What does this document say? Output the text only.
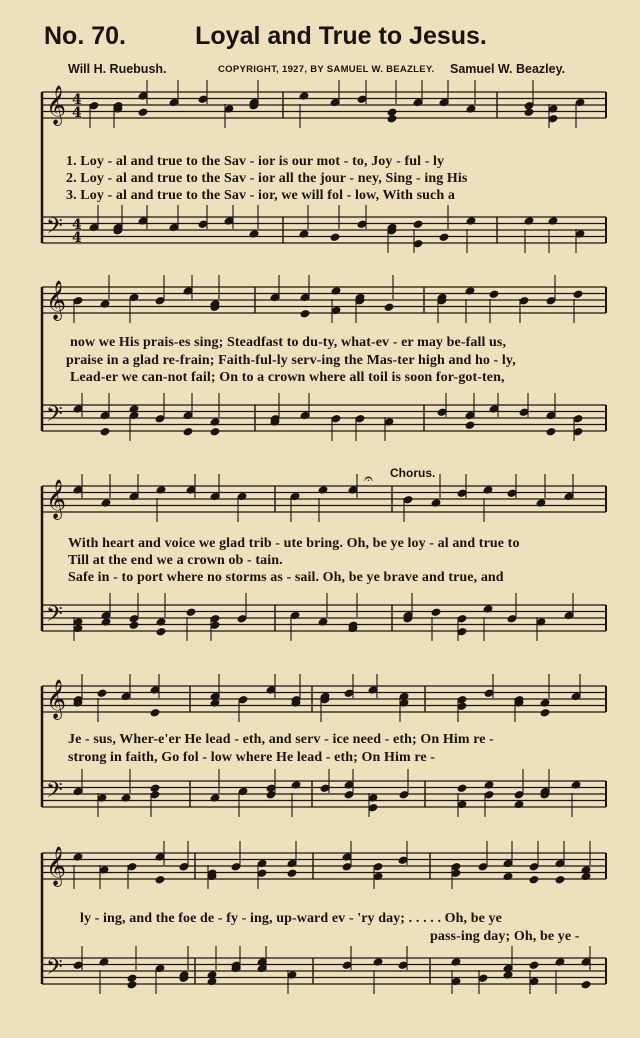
No. 70.	Loyal and True to Jesus.
Will H. Ruebush.	COPYRIGHT, 1927, BY SAMUEL W. BEAZLEY. Samuel W. Beazley.
𝄞
𝄢
4
4
4
4
𝄞
𝄢
𝄞
𝄢
𝄞
𝄢
𝄞
𝄢
𝄐
1. Loy - al and true to the Sav - ior is our mot - to, Joy - ful - ly
2. Loy - al and true to the Sav - ior all the jour - ney, Sing - ing His
3. Loy - al and true to the Sav - ior, we will fol - low, With such a
now we His prais-es sing; Steadfast to du-ty, what-ev - er may be-fall us,
praise in a glad re-frain; Faith-ful-ly serv-ing the Mas-ter high and ho - ly,
Lead-er we can-not fail; On to a crown where all toil is soon for-got-ten,
Chorus.
With heart and voice we glad trib - ute bring. Oh, be ye loy - al and true to
Till at the end we a crown ob - tain.
Safe in - to port where no storms as - sail. Oh, be ye brave and true, and
Je - sus, Wher-e'er He lead - eth, and serv - ice need - eth; On Him re -
strong in faith, Go fol - low where He lead - eth; On Him re -
ly - ing, and the foe de - fy - ing, up-ward ev - 'ry day; . . . . . Oh, be ye
pass-ing day; Oh, be ye -
